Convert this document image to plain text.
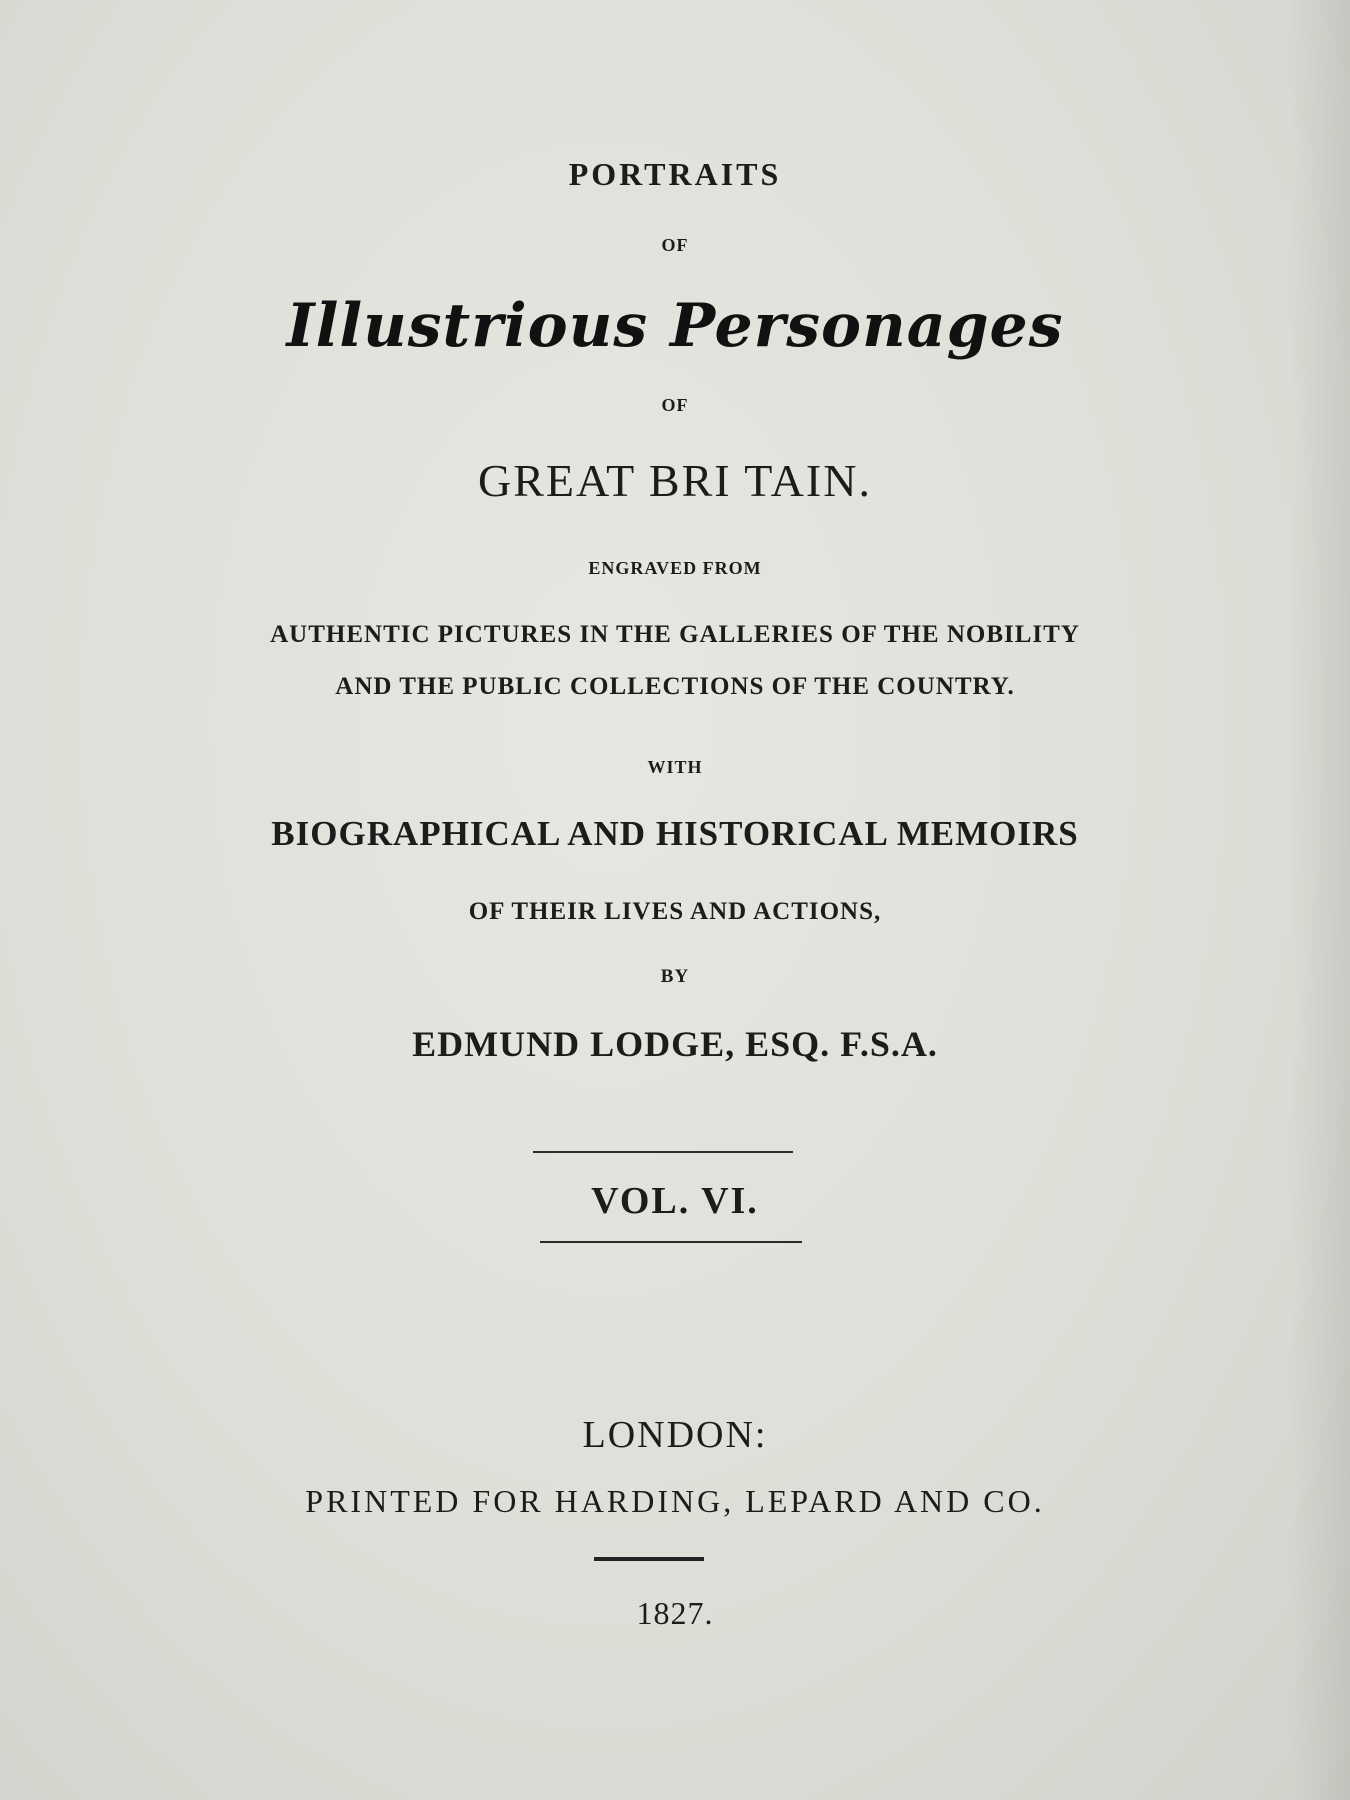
PORTRAITS
OF
Illustrious Personages
OF
GREAT BRI TAIN.
ENGRAVED FROM
AUTHENTIC PICTURES IN THE GALLERIES OF THE NOBILITY
AND THE PUBLIC COLLECTIONS OF THE COUNTRY.
WITH
BIOGRAPHICAL AND HISTORICAL MEMOIRS
OF THEIR LIVES AND ACTIONS,
BY
EDMUND LODGE, ESQ. F.S.A.
VOL. VI.
LONDON:
PRINTED FOR HARDING, LEPARD AND CO.
1827.
